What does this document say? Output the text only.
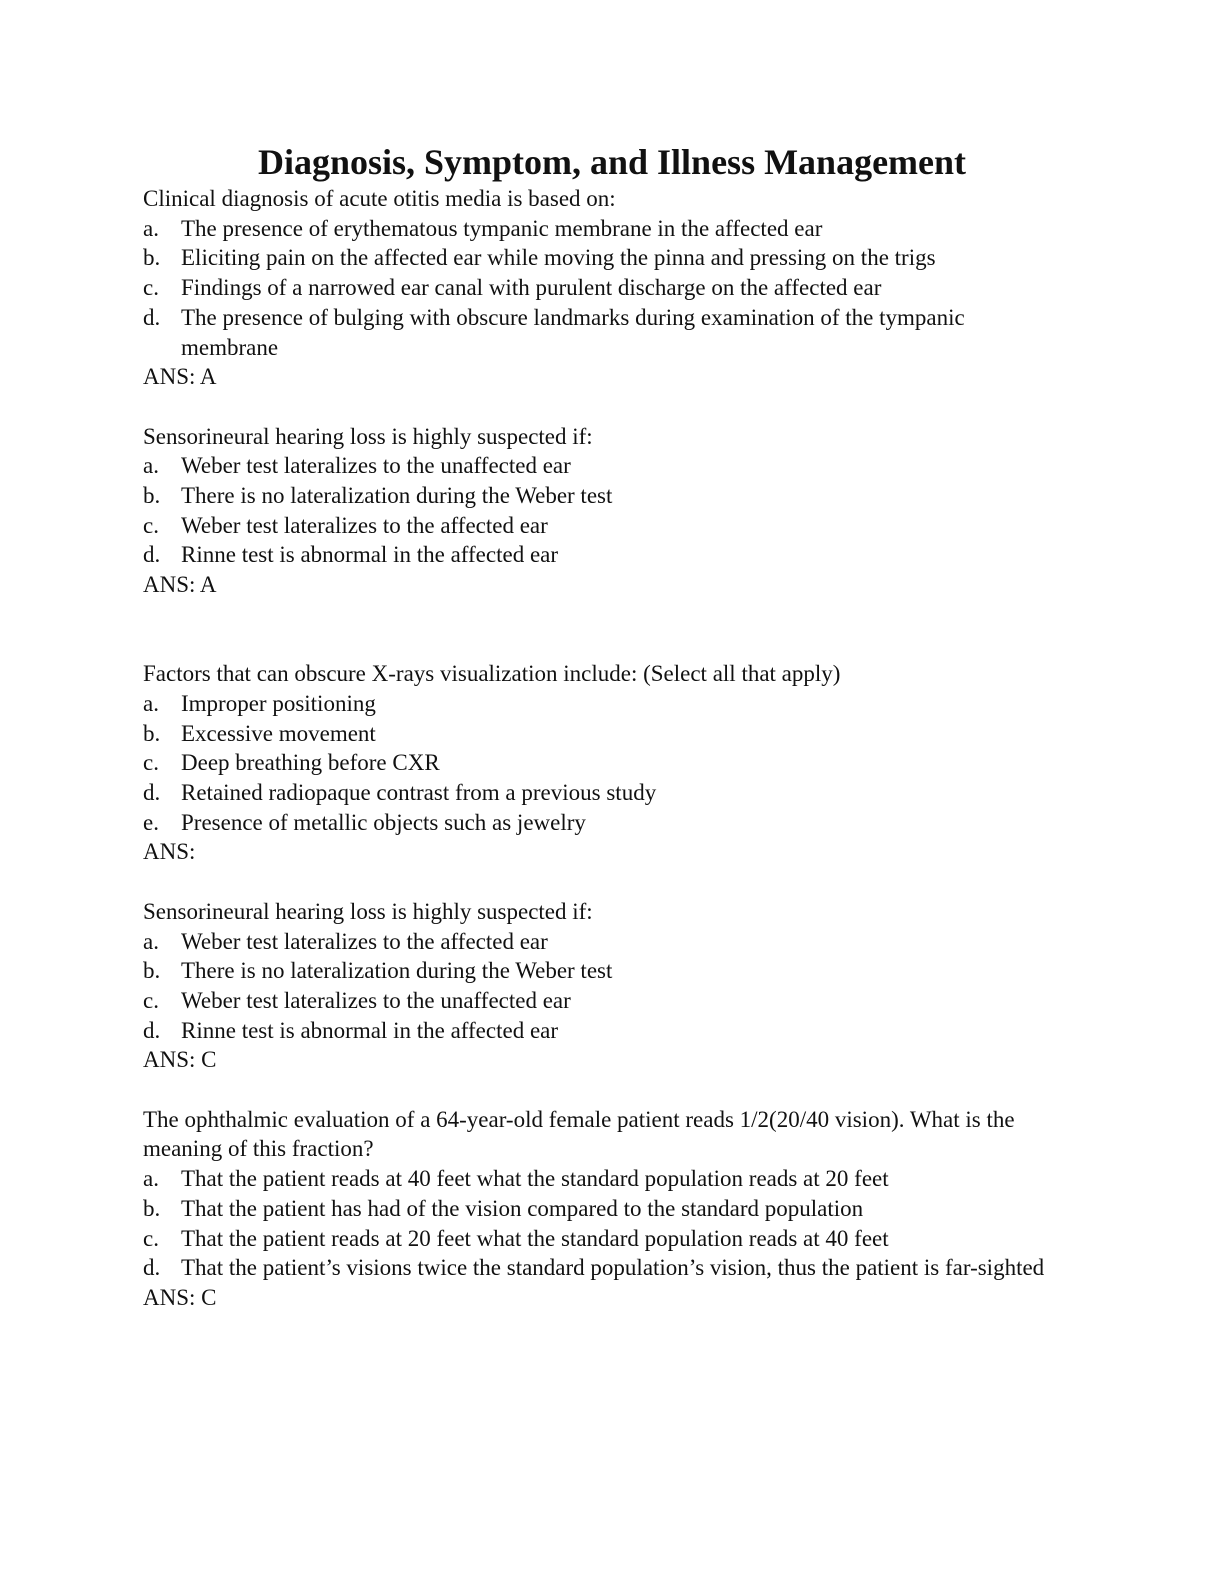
Diagnosis, Symptom, and Illness Management

Clinical diagnosis of acute otitis media is based on:

a. The presence of erythematous tympanic membrane in the affected ear
b. Eliciting pain on the affected ear while moving the pinna and pressing on the trigs
c. Findings of a narrowed ear canal with purulent discharge on the affected ear
d. The presence of bulging with obscure landmarks during examination of the tympanic membrane

ANS: A

Sensorineural hearing loss is highly suspected if:

a. Weber test lateralizes to the unaffected ear
b. There is no lateralization during the Weber test
c. Weber test lateralizes to the affected ear
d. Rinne test is abnormal in the affected ear

ANS: A

Factors that can obscure X-rays visualization include: (Select all that apply)

a. Improper positioning
b. Excessive movement
c. Deep breathing before CXR
d. Retained radiopaque contrast from a previous study
e. Presence of metallic objects such as jewelry

ANS:

Sensorineural hearing loss is highly suspected if:

a. Weber test lateralizes to the affected ear
b. There is no lateralization during the Weber test
c. Weber test lateralizes to the unaffected ear
d. Rinne test is abnormal in the affected ear

ANS: C

The ophthalmic evaluation of a 64-year-old female patient reads 1/2(20/40 vision). What is the meaning of this fraction?

a. That the patient reads at 40 feet what the standard population reads at 20 feet
b. That the patient has had of the vision compared to the standard population
c. That the patient reads at 20 feet what the standard population reads at 40 feet
d. That the patient’s visions twice the standard population’s vision, thus the patient is far-sighted

ANS: C
